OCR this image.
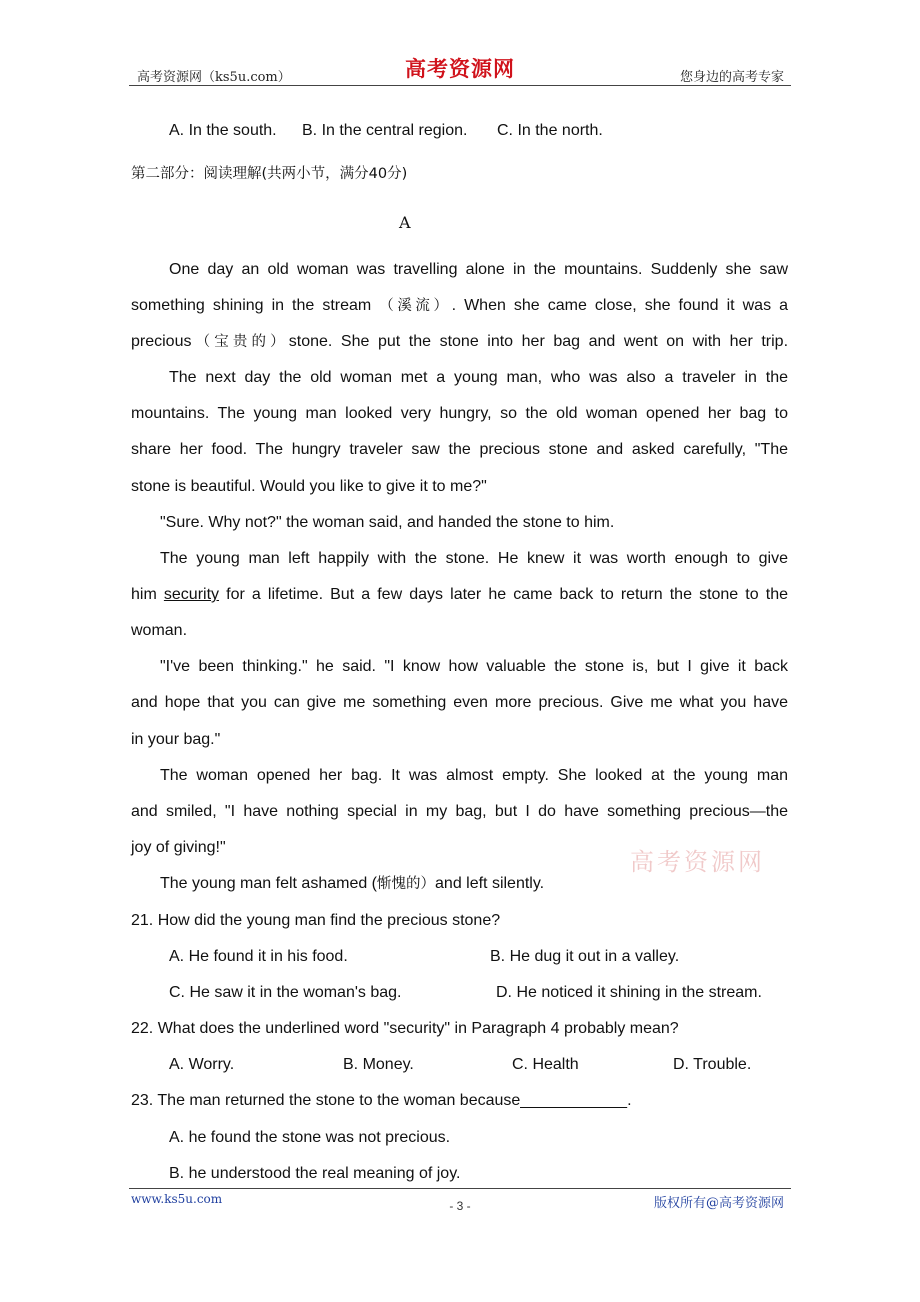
高考资源网（ks5u.com）	高考资源网	您身边的高考专家
A. In the south. B. In the central region. C. In the north.
第二部分：阅读理解(共两小节，满分40分)
A
One day an old woman was travelling alone in the mountains. Suddenly she saw
something shining in the stream （溪流）. When she came close, she found it was a
precious（宝贵的）stone. She put the stone into her bag and went on with her trip.
The next day the old woman met a young man, who was also a traveler in the
mountains. The young man looked very hungry, so the old woman opened her bag to
share her food. The hungry traveler saw the precious stone and asked carefully, "The
stone is beautiful. Would you like to give it to me?"
"Sure. Why not?" the woman said, and handed the stone to him.
The young man left happily with the stone. He knew it was worth enough to give
him security for a lifetime. But a few days later he came back to return the stone to the
woman.
"I've been thinking." he said. "I know how valuable the stone is, but I give it back
and hope that you can give me something even more precious. Give me what you have
in your bag."
The woman opened her bag. It was almost empty. She looked at the young man
and smiled, "I have nothing special in my bag, but I do have something precious—the
joy of giving!"
高考资源网
The young man felt ashamed (惭愧的）and left silently.
21. How did the young man find the precious stone?
A. He found it in his food.	B. He dug it out in a valley.
C. He saw it in the woman's bag.	D. He noticed it shining in the stream.
22. What does the underlined word "security" in Paragraph 4 probably mean?
A. Worry.	B. Money.	C. Health	D. Trouble.
23. The man returned the stone to the woman because____________.
A. he found the stone was not precious.
B. he understood the real meaning of joy.
www.ks5u.com	- 3 -	版权所有@高考资源网
